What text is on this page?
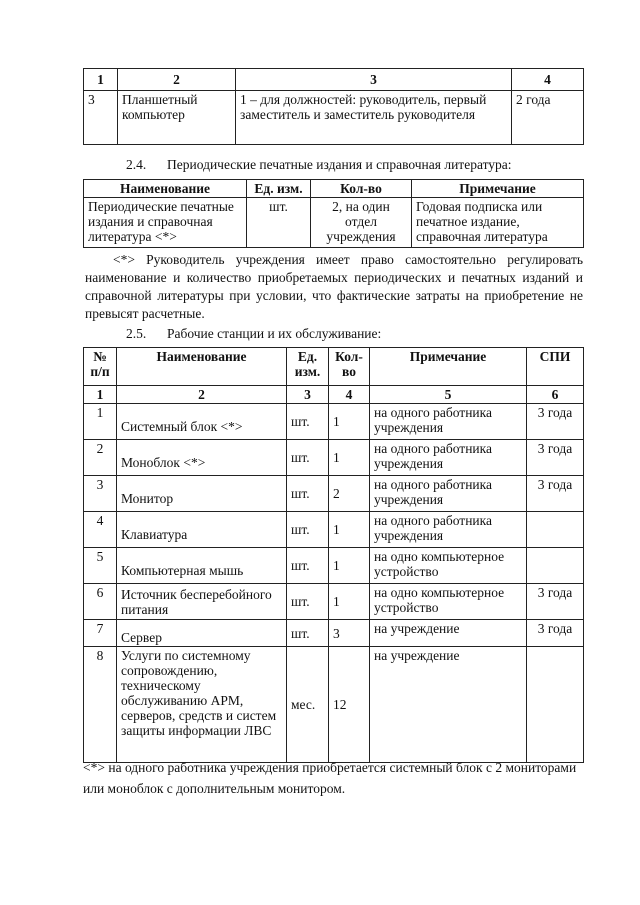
1	2	3	4
3	Планшетный компьютер	1 – для должностей: руководитель, первый заместитель и заместитель руководителя	2 года
2.4. Периодические печатные издания и справочная литература:
Наименование	Ед. изм.	Кол-во	Примечание
Периодические печатные издания и справочная литература <*>	шт.	2, на один отдел учреждения	Годовая подписка или печатное издание, справочная литература

<*> Руководитель учреждения имеет право самостоятельно регулировать наименование и количество приобретаемых периодических и печатных изданий и справочной литературы при условии, что фактические затраты на приобретение не превысят расчетные.

2.5. Рабочие станции и их обслуживание:
№ п/п	Наименование	Ед. изм.	Кол-во	Примечание	СПИ
1	2	3	4	5	6
1	Системный блок <*>	шт.	1	на одного работника учреждения	3 года
2	Моноблок <*>	шт.	1	на одного работника учреждения	3 года
3	Монитор	шт.	2	на одного работника учреждения	3 года
4	Клавиатура	шт.	1	на одного работника учреждения	
5	Компьютерная мышь	шт.	1	на одно компьютерное устройство	
6	Источник бесперебойного питания	шт.	1	на одно компьютерное устройство	3 года
7	Сервер	шт.	3	на учреждение	3 года
8	Услуги по системному сопровождению, техническому обслуживанию АРМ, серверов, средств и систем защиты информации ЛВС	мес.	12	на учреждение	

<*> на одного работника учреждения приобретается системный блок с 2 мониторами или моноблок с дополнительным монитором.
